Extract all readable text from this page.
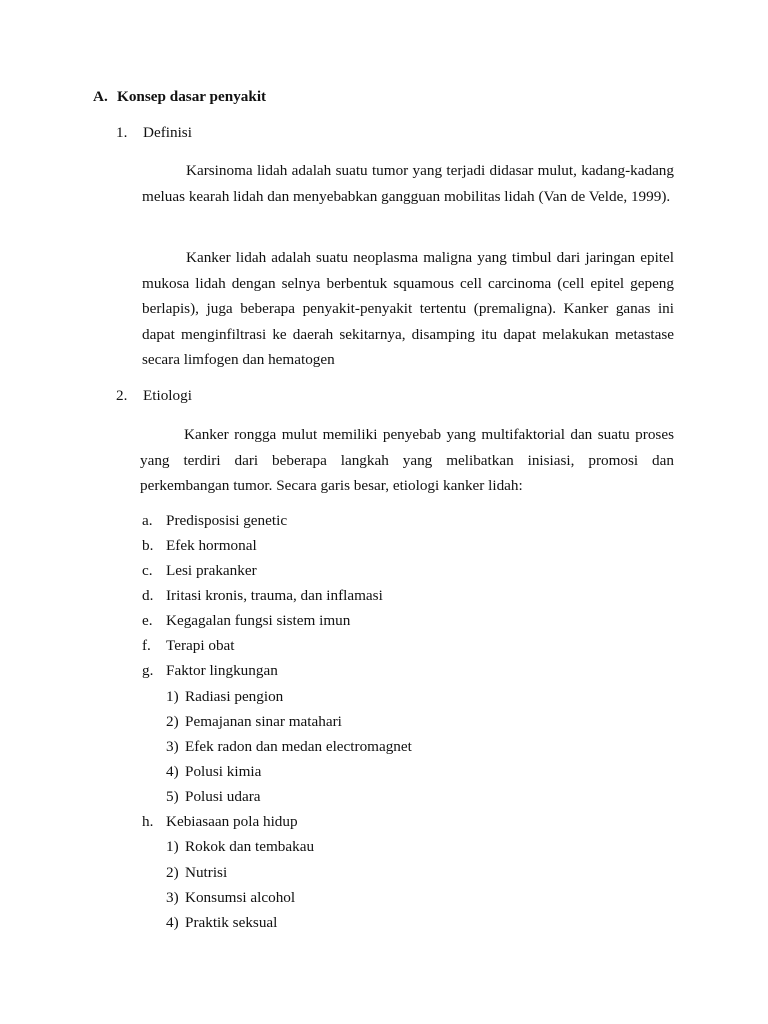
A. Konsep dasar penyakit
1. Definisi

Karsinoma lidah adalah suatu tumor yang terjadi didasar mulut, kadang-kadang meluas kearah lidah dan menyebabkan gangguan mobilitas lidah (Van de Velde, 1999).

Kanker lidah adalah suatu neoplasma maligna yang timbul dari jaringan epitel mukosa lidah dengan selnya berbentuk squamous cell carcinoma (cell epitel gepeng berlapis), juga beberapa penyakit-penyakit tertentu (premaligna). Kanker ganas ini dapat menginfiltrasi ke daerah sekitarnya, disamping itu dapat melakukan metastase secara limfogen dan hematogen

2. Etiologi

Kanker rongga mulut memiliki penyebab yang multifaktorial dan suatu proses yang terdiri dari beberapa langkah yang melibatkan inisiasi, promosi dan perkembangan tumor. Secara garis besar, etiologi kanker lidah:

a. Predisposisi genetic
b. Efek hormonal
c. Lesi prakanker
d. Iritasi kronis, trauma, dan inflamasi
e. Kegagalan fungsi sistem imun
f. Terapi obat
g. Faktor lingkungan
1) Radiasi pengion
2) Pemajanan sinar matahari
3) Efek radon dan medan electromagnet
4) Polusi kimia
5) Polusi udara
h. Kebiasaan pola hidup
1) Rokok dan tembakau
2) Nutrisi
3) Konsumsi alcohol
4) Praktik seksual
